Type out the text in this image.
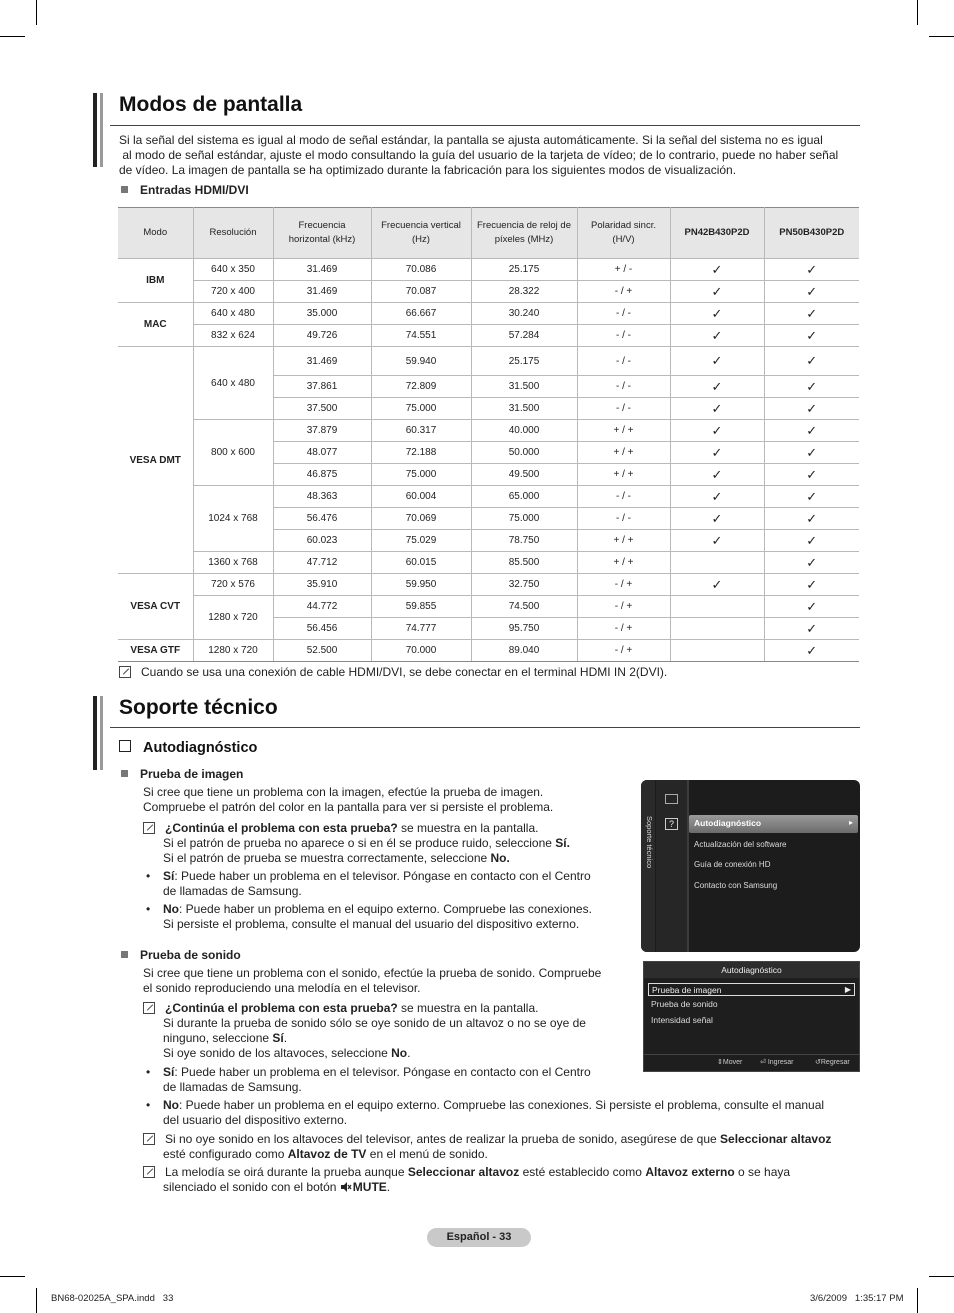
Modos de pantalla
Si la señal del sistema es igual al modo de señal estándar, la pantalla se ajusta automáticamente. Si la señal del sistema no es igual
al modo de señal estándar, ajuste el modo consultando la guía del usuario de la tarjeta de vídeo; de lo contrario, puede no haber señal
de vídeo. La imagen de pantalla se ha optimizado durante la fabricación para los siguientes modos de visualización.
Entradas HDMI/DVI
Modo	Resolución	Frecuencia horizontal (kHz)	Frecuencia vertical (Hz)	Frecuencia de reloj de píxeles (MHz)	Polaridad sincr. (H/V)	PN42B430P2D	PN50B430P2D
IBM	640 x 350	31.469	70.086	25.175	+ / -	✓	✓
	720 x 400	31.469	70.087	28.322	- / +	✓	✓
MAC	640 x 480	35.000	66.667	30.240	- / -	✓	✓
	832 x 624	49.726	74.551	57.284	- / -	✓	✓
VESA DMT	640 x 480	31.469	59.940	25.175	- / -	✓	✓
		37.861	72.809	31.500	- / -	✓	✓
		37.500	75.000	31.500	- / -	✓	✓
	800 x 600	37.879	60.317	40.000	+ / +	✓	✓
		48.077	72.188	50.000	+ / +	✓	✓
		46.875	75.000	49.500	+ / +	✓	✓
	1024 x 768	48.363	60.004	65.000	- / -	✓	✓
		56.476	70.069	75.000	- / -	✓	✓
		60.023	75.029	78.750	+ / +	✓	✓
	1360 x 768	47.712	60.015	85.500	+ / +		✓
VESA CVT	720 x 576	35.910	59.950	32.750	- / +	✓	✓
	1280 x 720	44.772	59.855	74.500	- / +		✓
		56.456	74.777	95.750	- / +		✓
VESA GTF	1280 x 720	52.500	70.000	89.040	- / +		✓
Cuando se usa una conexión de cable HDMI/DVI, se debe conectar en el terminal HDMI IN 2(DVI).
Soporte técnico
Autodiagnóstico
Prueba de imagen
Si cree que tiene un problema con la imagen, efectúe la prueba de imagen.
Compruebe el patrón del color en la pantalla para ver si persiste el problema.
¿Continúa el problema con esta prueba? se muestra en la pantalla.
Si el patrón de prueba no aparece o si en él se produce ruido, seleccione Sí.
Si el patrón de prueba se muestra correctamente, seleccione No.
•	Sí: Puede haber un problema en el televisor. Póngase en contacto con el Centro
de llamadas de Samsung.
•	No: Puede haber un problema en el equipo externo. Compruebe las conexiones.
Si persiste el problema, consulte el manual del usuario del dispositivo externo.
Prueba de sonido
Si cree que tiene un problema con el sonido, efectúe la prueba de sonido. Compruebe
el sonido reproduciendo una melodía en el televisor.
¿Continúa el problema con esta prueba? se muestra en la pantalla.
Si durante la prueba de sonido sólo se oye sonido de un altavoz o no se oye de
ninguno, seleccione Sí.
Si oye sonido de los altavoces, seleccione No.
•	Sí: Puede haber un problema en el televisor. Póngase en contacto con el Centro
de llamadas de Samsung.
•	No: Puede haber un problema en el equipo externo. Compruebe las conexiones. Si persiste el problema, consulte el manual
del usuario del dispositivo externo.
Si no oye sonido en los altavoces del televisor, antes de realizar la prueba de sonido, asegúrese de que Seleccionar altavoz
esté configurado como Altavoz de TV en el menú de sonido.
La melodía se oirá durante la prueba aunque Seleccionar altavoz esté establecido como Altavoz externo o se haya
silenciado el sonido con el botón MUTE.
Soporte técnico	?	Autodiagnóstico	▸
Actualización del software
Guía de conexión HD
Contacto con Samsung
Autodiagnóstico
Prueba de imagen	▶
Prueba de sonido
Intensidad señal
⇕Mover	⏎ Ingresar	↺Regresar
Español - 33
BN68-02025A_SPA.indd   33	3/6/2009   1:35:17 PM
